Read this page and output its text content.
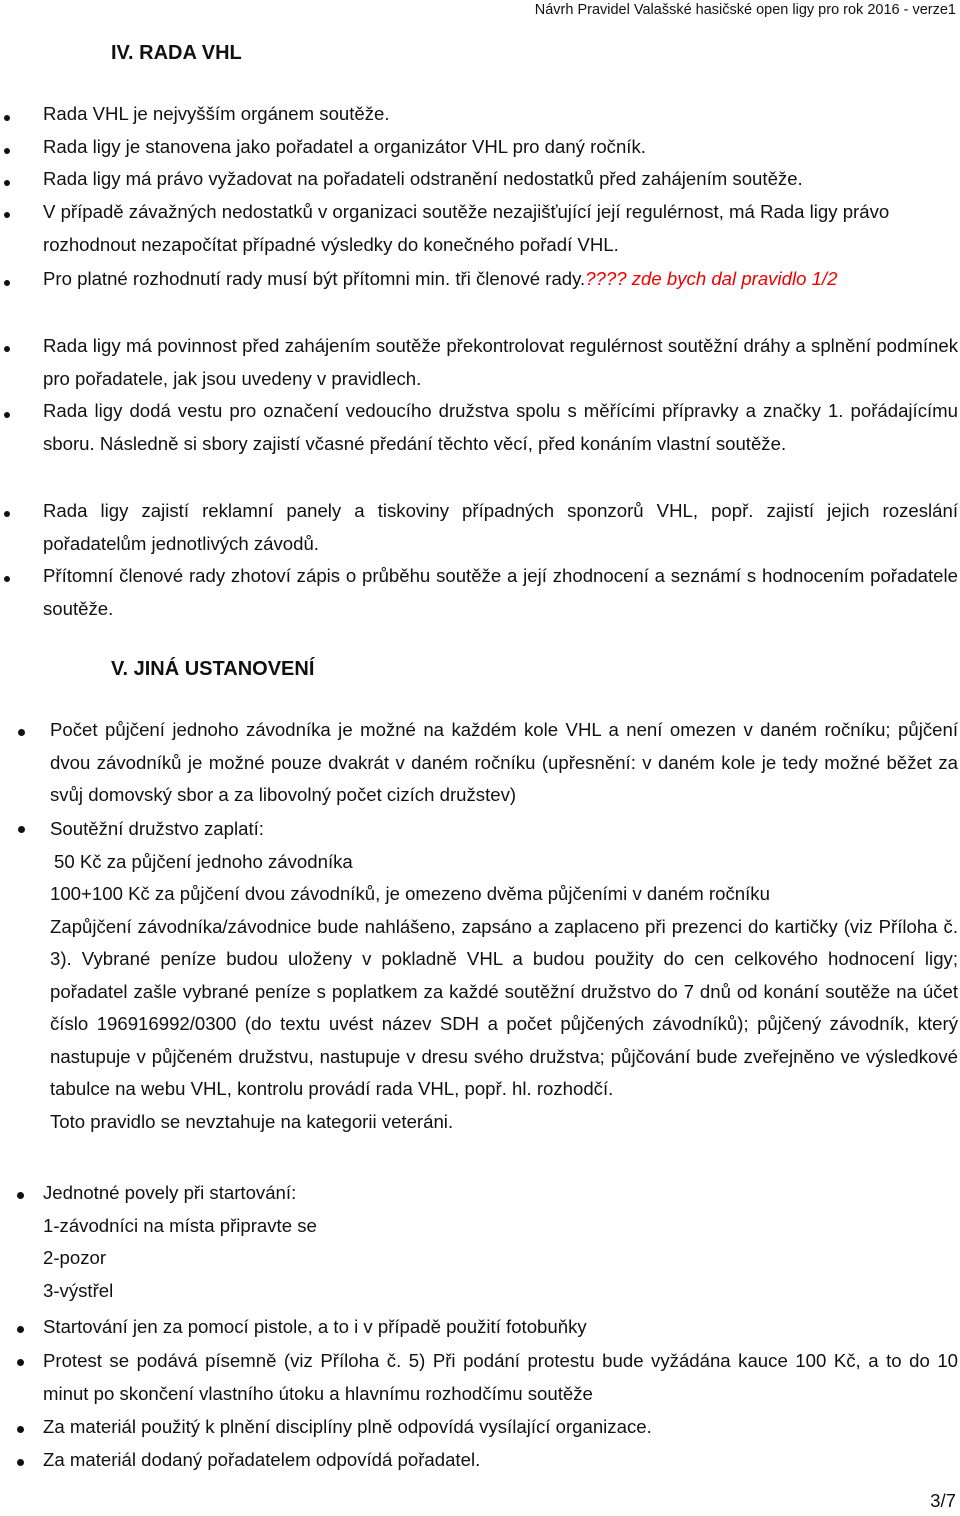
Návrh Pravidel Valašské hasičské open ligy pro rok 2016 - verze1
IV. RADA VHL
Rada VHL je nejvyšším orgánem soutěže.
Rada ligy je stanovena jako pořadatel a organizátor VHL pro daný ročník.
Rada ligy má právo vyžadovat na pořadateli odstranění nedostatků před zahájením soutěže.
V případě závažných nedostatků v organizaci soutěže nezajišťující její regulérnost, má Rada ligy právo rozhodnout nezapočítat případné výsledky do konečného pořadí VHL.
Pro platné rozhodnutí rady musí být přítomni min. tři členové rady.???? zde bych dal pravidlo 1/2
Rada ligy má povinnost před zahájením soutěže překontrolovat regulérnost soutěžní dráhy a splnění podmínek pro pořadatele, jak jsou uvedeny v pravidlech.
Rada ligy dodá vestu pro označení vedoucího družstva spolu s měřícími přípravky a značky 1. pořádajícímu sboru. Následně si sbory zajistí včasné předání těchto věcí, před konáním vlastní soutěže.
Rada ligy zajistí reklamní panely a tiskoviny případných sponzorů VHL, popř. zajistí jejich rozeslání pořadatelům jednotlivých závodů.
Přítomní členové rady zhotoví zápis o průběhu soutěže a její zhodnocení a seznámí s hodnocením pořadatele soutěže.
V. JINÁ USTANOVENÍ
Počet půjčení jednoho závodníka je možné na každém kole VHL a není omezen v daném ročníku; půjčení dvou závodníků je možné pouze dvakrát v daném ročníku (upřesnění: v daném kole je tedy možné běžet za svůj domovský sbor a za libovolný počet cizích družstev)
Soutěžní družstvo zaplatí:
50 Kč za půjčení jednoho závodníka
100+100 Kč za půjčení dvou závodníků, je omezeno dvěma půjčeními v daném ročníku
Zapůjčení závodníka/závodnice bude nahlášeno, zapsáno a zaplaceno při prezenci do kartičky (viz Příloha č. 3). Vybrané peníze budou uloženy v pokladně VHL a budou použity do cen celkového hodnocení ligy; pořadatel zašle vybrané peníze s poplatkem za každé soutěžní družstvo do 7 dnů od konání soutěže na účet číslo 196916992/0300 (do textu uvést název SDH a počet půjčených závodníků); půjčený závodník, který nastupuje v půjčeném družstvu, nastupuje v dresu svého družstva; půjčování bude zveřejněno ve výsledkové tabulce na webu VHL, kontrolu provádí rada VHL, popř. hl. rozhodčí.
Toto pravidlo se nevztahuje na kategorii veteráni.
Jednotné povely při startování:
1-závodníci na místa připravte se
2-pozor
3-výstřel
Startování jen za pomocí pistole, a to i v případě použití fotobuňky
Protest se podává písemně (viz Příloha č. 5) Při podání protestu bude vyžádána kauce 100 Kč, a to do 10 minut po skončení vlastního útoku a hlavnímu rozhodčímu soutěže
Za materiál použitý k plnění disciplíny plně odpovídá vysílající organizace.
Za materiál dodaný pořadatelem odpovídá pořadatel.
3/7
